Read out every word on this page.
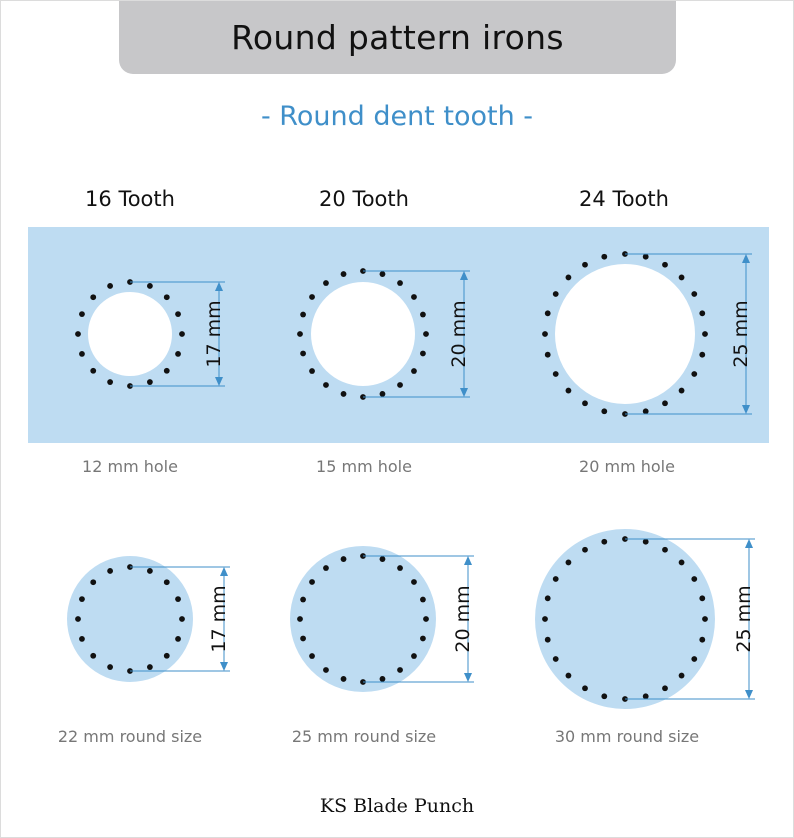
Round pattern irons
- Round dent tooth -
16 Tooth	20 Tooth	24 Tooth
17 mm	20 mm	25 mm
17 mm	20 mm	25 mm
12 mm hole	15 mm hole	20 mm hole
22 mm round size	25 mm round size	30 mm round size
KS Blade Punch
